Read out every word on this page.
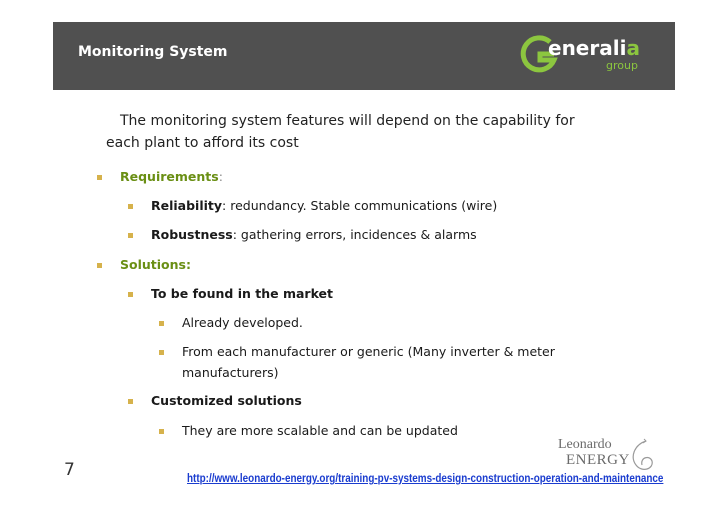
Monitoring System	eneralia
group
The monitoring system features will depend on the capability for
each plant to afford its cost
Requirements:
Reliability: redundancy. Stable communications (wire)
Robustness: gathering errors, incidences & alarms
Solutions:
To be found in the market
Already developed.
From each manufacturer or generic (Many inverter & meter
manufacturers)
Customized solutions
They are more scalable and can be updated
7
Leonardo
ENERGY
http://www.leonardo-energy.org/training-pv-systems-design-construction-operation-and-maintenance
